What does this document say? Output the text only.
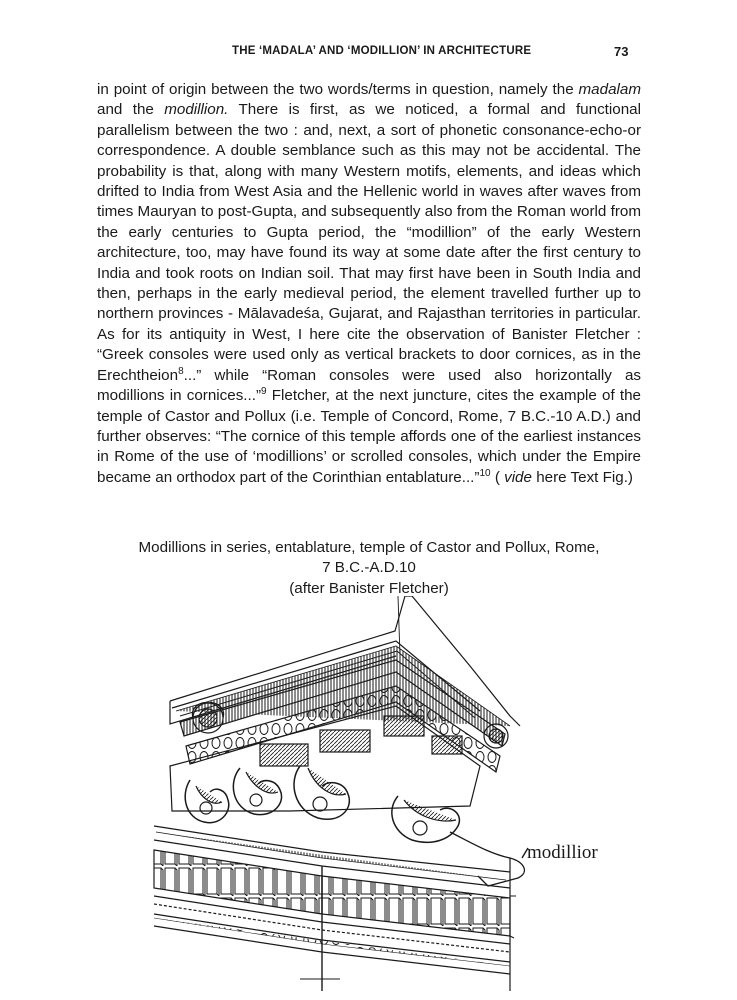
THE ‘MADALA’ AND ‘MODILLION’ IN ARCHITECTURE	73

in point of origin between the two words/terms in question, namely the madalam and the modillion. There is first, as we noticed, a formal and functional parallelism between the two : and, next, a sort of phonetic consonance-echo-or correspondence. A double semblance such as this may not be accidental. The probability is that, along with many Western motifs, elements, and ideas which drifted to India from West Asia and the Hellenic world in waves after waves from times Mauryan to post-Gupta, and subsequently also from the Roman world from the early centuries to Gupta period, the “modillion” of the early Western architecture, too, may have found its way at some date after the first century to India and took roots on Indian soil. That may first have been in South India and then, perhaps in the early medieval period, the element travelled further up to northern provinces - Mālavadeśa, Gujarat, and Rajasthan territories in particular. As for its antiquity in West, I here cite the observation of Banister Fletcher : “Greek consoles were used only as vertical brackets to door cornices, as in the Erechtheion$^8$...” while “Roman consoles were used also horizontally as modillions in cornices...”$^9$ Fletcher, at the next juncture, cites the example of the temple of Castor and Pollux (i.e. Temple of Concord, Rome, 7 B.C.-10 A.D.) and further observes: “The cornice of this temple affords one of the earliest instances in Rome of the use of ‘modillions’ or scrolled consoles, which under the Empire became an orthodox part of the Corinthian entablature...”$^{10}$ ( vide here Text Fig.)

Modillions in series, entablature, temple of Castor and Pollux, Rome,
7 B.C.-A.D.10
(after Banister Fletcher)
modillior
